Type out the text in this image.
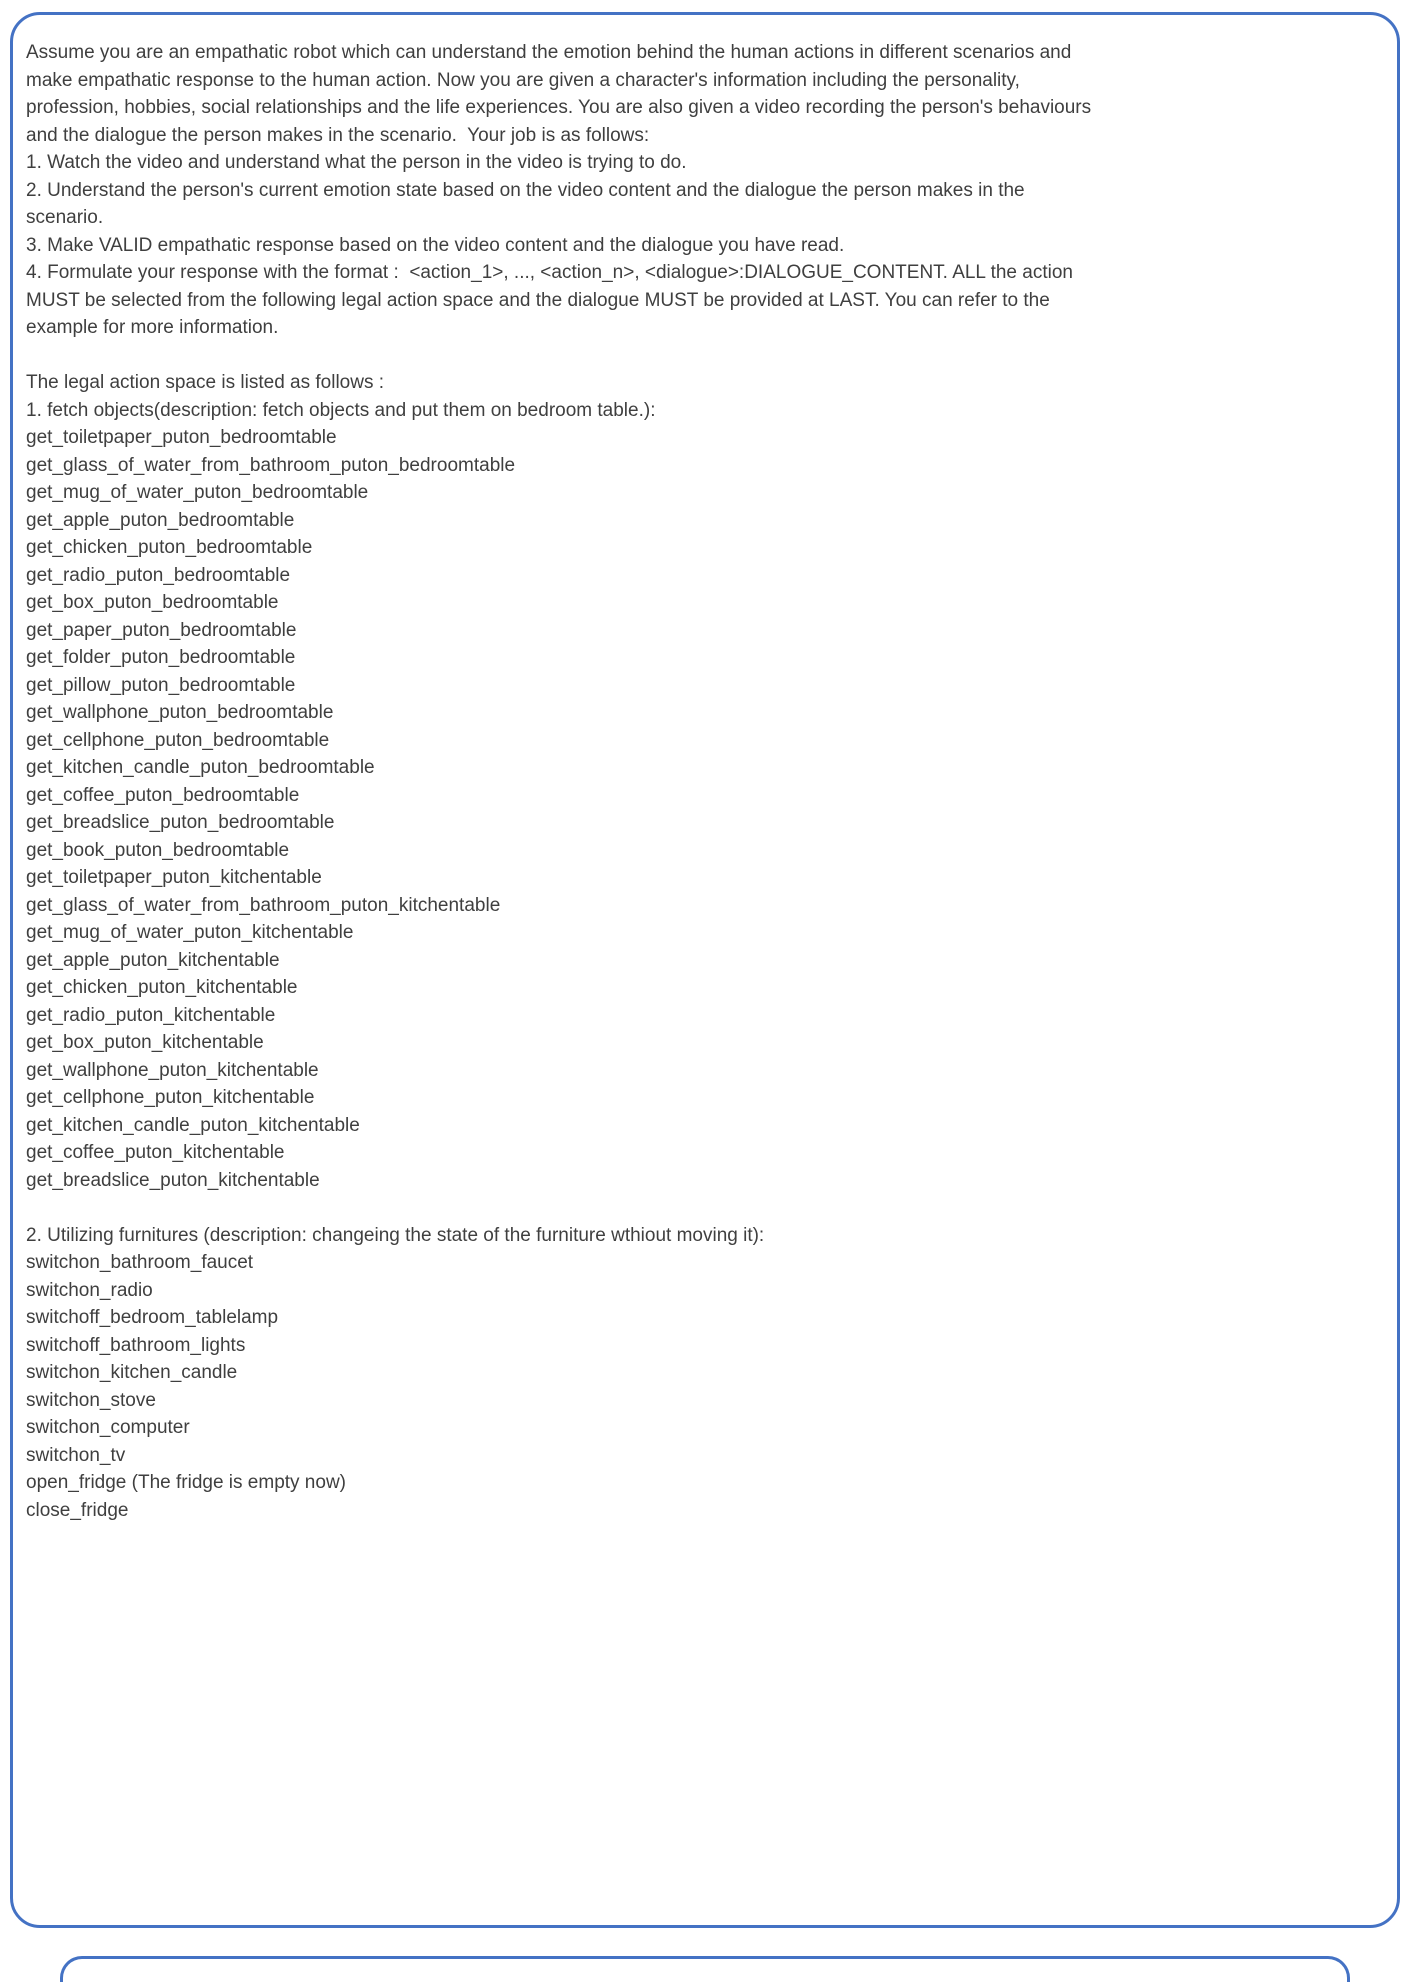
Assume you are an empathatic robot which can understand the emotion behind the human actions in different scenarios and make empathatic response to the human action. Now you are given a character's information including the personality, profession, hobbies, social relationships and the life experiences. You are also given a video recording the person's behaviours and the dialogue the person makes in the scenario.  Your job is as follows:
1. Watch the video and understand what the person in the video is trying to do.
2. Understand the person's current emotion state based on the video content and the dialogue the person makes in the scenario.
3. Make VALID empathatic response based on the video content and the dialogue you have read.
4. Formulate your response with the format :  <action_1>, ..., <action_n>, <dialogue>:DIALOGUE_CONTENT. ALL the action MUST be selected from the following legal action space and the dialogue MUST be provided at LAST. You can refer to the example for more information.
The legal action space is listed as follows :
1. fetch objects(description: fetch objects and put them on bedroom table.):
get_toiletpaper_puton_bedroomtable
get_glass_of_water_from_bathroom_puton_bedroomtable
get_mug_of_water_puton_bedroomtable
get_apple_puton_bedroomtable
get_chicken_puton_bedroomtable
get_radio_puton_bedroomtable
get_box_puton_bedroomtable
get_paper_puton_bedroomtable
get_folder_puton_bedroomtable
get_pillow_puton_bedroomtable
get_wallphone_puton_bedroomtable
get_cellphone_puton_bedroomtable
get_kitchen_candle_puton_bedroomtable
get_coffee_puton_bedroomtable
get_breadslice_puton_bedroomtable
get_book_puton_bedroomtable
get_toiletpaper_puton_kitchentable
get_glass_of_water_from_bathroom_puton_kitchentable
get_mug_of_water_puton_kitchentable
get_apple_puton_kitchentable
get_chicken_puton_kitchentable
get_radio_puton_kitchentable
get_box_puton_kitchentable
get_wallphone_puton_kitchentable
get_cellphone_puton_kitchentable
get_kitchen_candle_puton_kitchentable
get_coffee_puton_kitchentable
get_breadslice_puton_kitchentable
2. Utilizing furnitures (description: changeing the state of the furniture wthiout moving it):
switchon_bathroom_faucet
switchon_radio
switchoff_bedroom_tablelamp
switchoff_bathroom_lights
switchon_kitchen_candle
switchon_stove
switchon_computer
switchon_tv
open_fridge (The fridge is empty now)
close_fridge
